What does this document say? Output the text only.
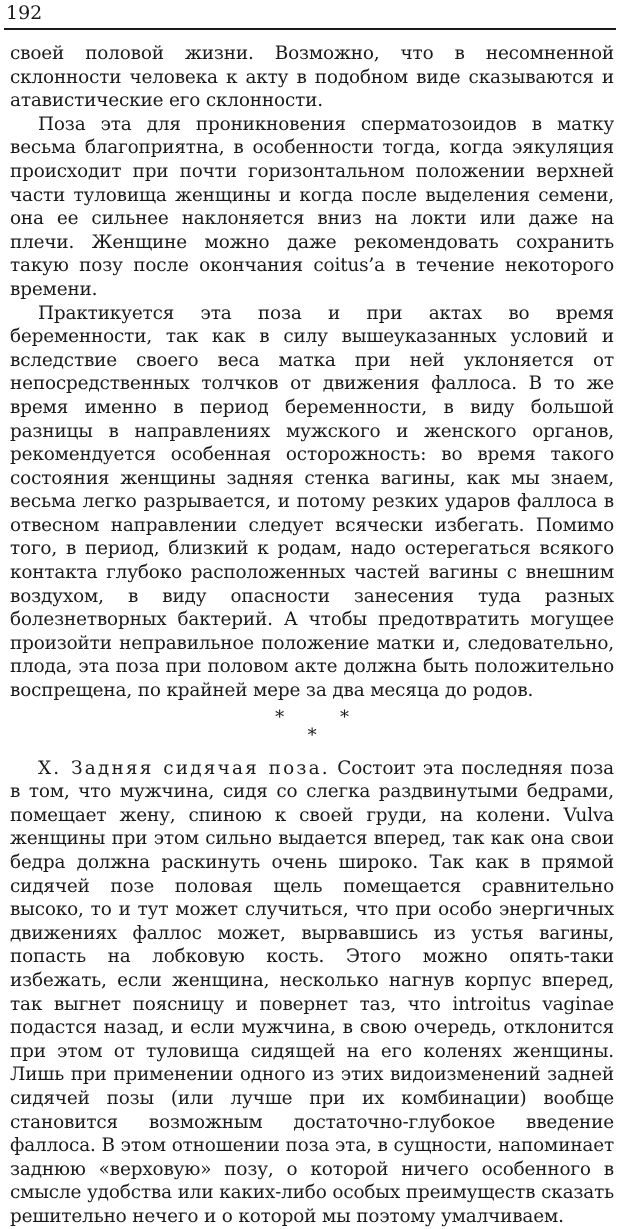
192

своей половой жизни. Возможно, что в несомненной склонности человека к акту в подобном виде сказываются и атавистические его склонности.

Поза эта для проникновения сперматозоидов в матку весьма благоприятна, в особенности тогда, когда эякуляция происходит при почти горизонтальном положении верхней части туловища женщины и когда после выделения семени, она ее сильнее наклоняется вниз на локти или даже на плечи. Женщине можно даже рекомендовать сохранить такую позу после окончания coitus’а в течение некоторого времени.

Практикуется эта поза и при актах во время беременности, так как в силу вышеуказанных условий и вследствие своего веса матка при ней уклоняется от непосредственных толчков от движения фаллоса. В то же время именно в период беременности, в виду большой разницы в направлениях мужского и женского органов, рекомендуется особенная осторожность: во время такого состояния женщины задняя стенка вагины, как мы знаем, весьма легко разрывается, и потому резких ударов фаллоса в отвесном направлении следует всячески избегать. Помимо того, в период, близкий к родам, надо остерегаться всякого контакта глубоко расположенных частей вагины с внешним воздухом, в виду опасности занесения туда разных болезнетворных бактерий. А чтобы предотвратить могущее произойти неправильное положение матки и, следовательно, плода, эта поза при половом акте должна быть положительно воспрещена, по крайней мере за два месяца до родов.

*	*
*

X. Задняя сидячая поза. Состоит эта последняя поза в том, что мужчина, сидя со слегка раздвинутыми бедрами, помещает жену, спиною к своей груди, на колени. Vulva женщины при этом сильно выдается вперед, так как она свои бедра должна раскинуть очень широко. Так как в прямой сидячей позе половая щель помещается сравнительно высоко, то и тут может случиться, что при особо энергичных движениях фаллос может, вырвавшись из устья вагины, попасть на лобковую кость. Этого можно опять-таки избежать, если женщина, несколько нагнув корпус вперед, так выгнет поясницу и повернет таз, что introitus vaginae подастся назад, и если мужчина, в свою очередь, отклонится при этом от туловища сидящей на его коленях женщины. Лишь при применении одного из этих видоизменений задней сидячей позы (или лучше при их комбинации) вообще становится возможным достаточно-глубокое введение фаллоса. В этом отношении поза эта, в сущности, напоминает заднюю «верховую» позу, о которой ничего особенного в смысле удобства или каких-либо особых преимуществ сказать решительно нечего и о которой мы поэтому умалчиваем.
